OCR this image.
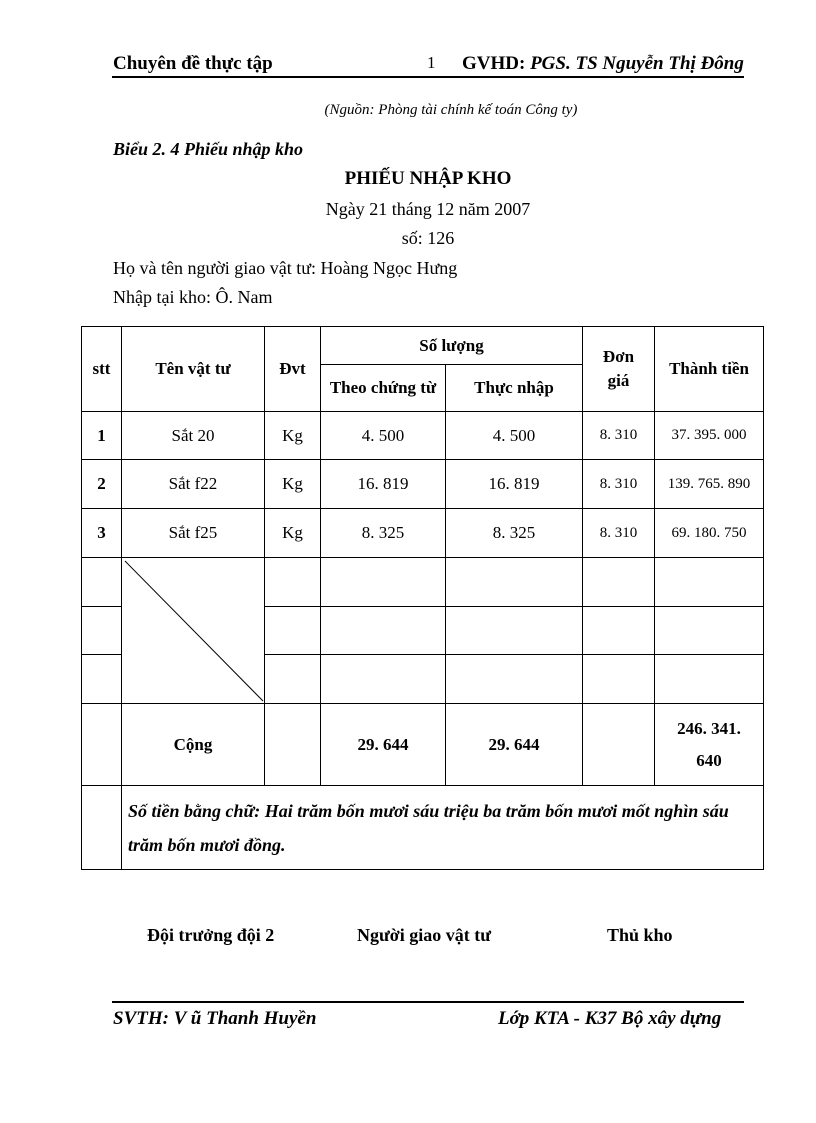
Chuyên đề thực tập	1 GVHD: PGS. TS Nguyễn Thị Đông
(Nguồn: Phòng tài chính kế toán Công ty)
Biểu 2. 4 Phiếu nhập kho
PHIẾU NHẬP KHO
Ngày 21 tháng 12 năm 2007
số: 126
Họ và tên người giao vật tư: Hoàng Ngọc Hưng
Nhập tại kho: Ô. Nam
stt	Tên vật tư	Đvt	Số lượng		Đơn giá	Thành tiền
			Theo chứng từ	Thực nhập		
1	Sắt 20	Kg	4. 500	4. 500	8. 310	37. 395. 000
2	Sắt f22	Kg	16. 819	16. 819	8. 310	139. 765. 890
3	Sắt f25	Kg	8. 325	8. 325	8. 310	69. 180. 750

	Cộng		29. 644	29. 644		246. 341.
640

	Số tiền bằng chữ: Hai trăm bốn mươi sáu triệu ba trăm bốn mươi mốt nghìn sáu trăm bốn mươi đồng.					
Đội trưởng đội 2	Người giao vật tư	Thủ kho
SVTH: V ũ Thanh Huyền	Lớp KTA - K37 Bộ xây dựng
